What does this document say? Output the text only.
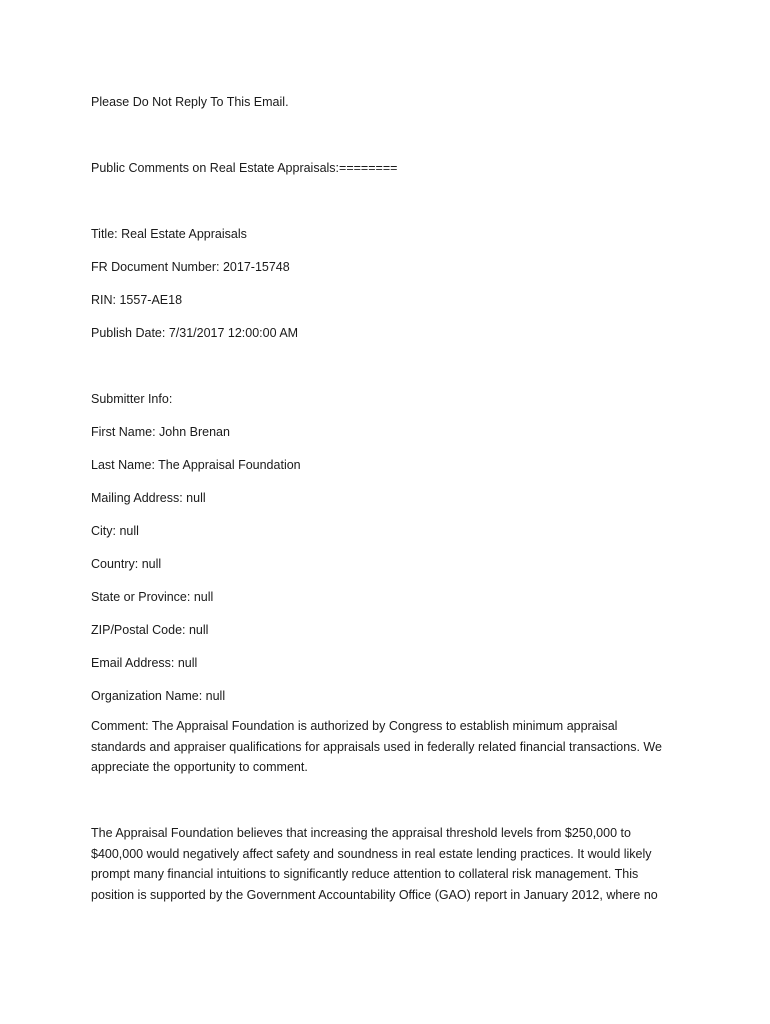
Please Do Not Reply To This Email.
Public Comments on Real Estate Appraisals:========
Title: Real Estate Appraisals
FR Document Number: 2017-15748
RIN: 1557-AE18
Publish Date: 7/31/2017 12:00:00 AM
Submitter Info:
First Name: John Brenan
Last Name: The Appraisal Foundation
Mailing Address: null
City: null
Country: null
State or Province: null
ZIP/Postal Code: null
Email Address: null
Organization Name: null
Comment: The Appraisal Foundation is authorized by Congress to establish minimum appraisal standards and appraiser qualifications for appraisals used in federally related financial transactions. We appreciate the opportunity to comment.
The Appraisal Foundation believes that increasing the appraisal threshold levels from $250,000 to $400,000 would negatively affect safety and soundness in real estate lending practices. It would likely prompt many financial intuitions to significantly reduce attention to collateral risk management. This position is supported by the Government Accountability Office (GAO) report in January 2012, where no
